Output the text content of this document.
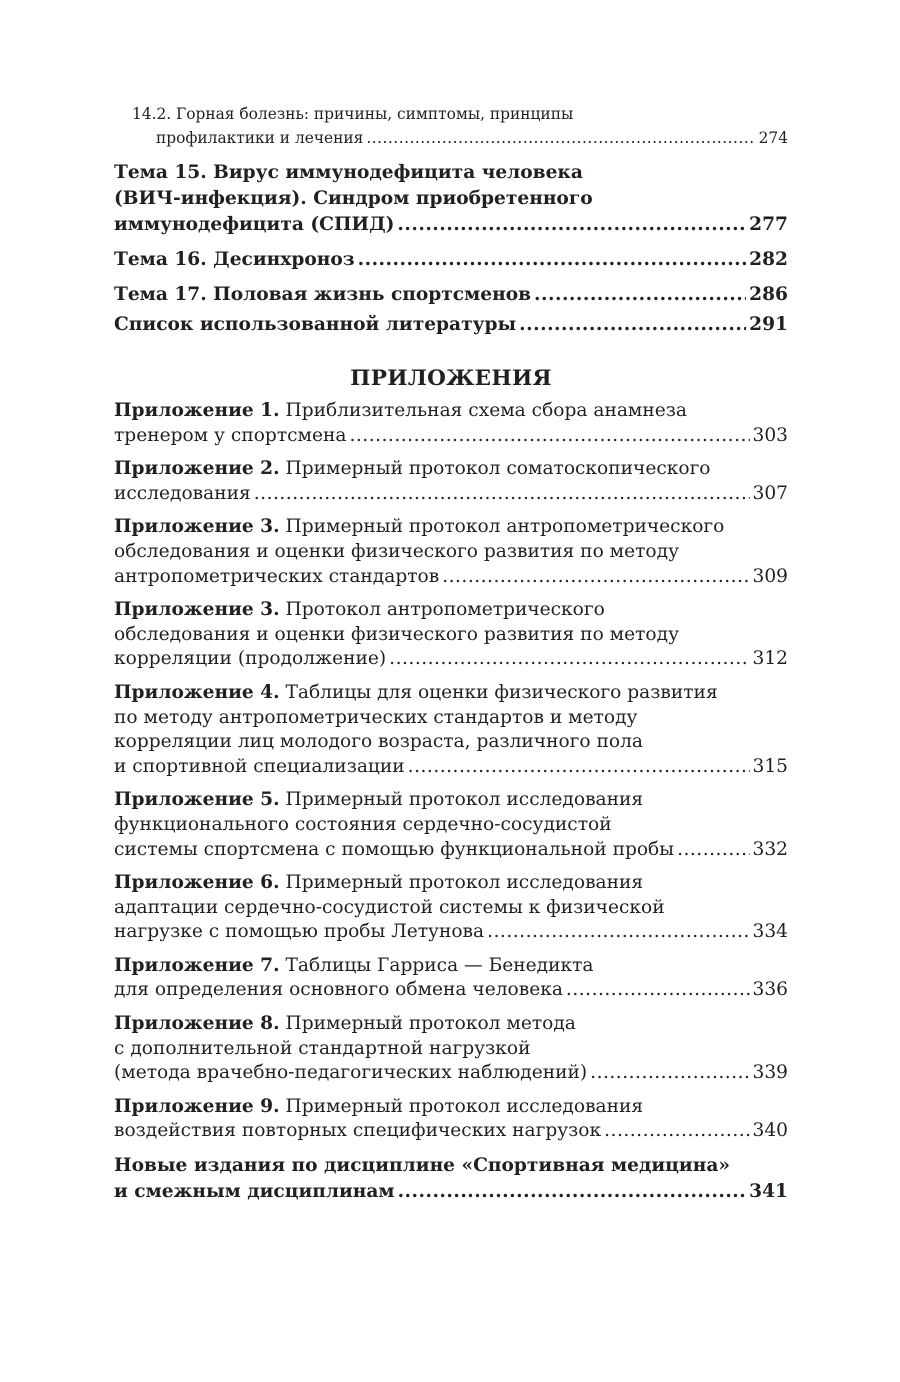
14.2. Горная болезнь: причины, симптомы, принципы
профилактики и лечения .....	274
Тема 15. Вирус иммунодефицита человека
(ВИЧ-инфекция). Синдром приобретенного
иммунодефицита (СПИД) .....	277
Тема 16. Десинхроноз .....	282
Тема 17. Половая жизнь спортсменов .....	286
Список использованной литературы .....	291
ПРИЛОЖЕНИЯ
Приложение 1. Приблизительная схема сбора анамнеза
тренером у спортсмена .....	303
Приложение 2. Примерный протокол соматоскопического
исследования .....	307
Приложение 3. Примерный протокол антропометрического
обследования и оценки физического развития по методу
антропометрических стандартов .....	309
Приложение 3. Протокол антропометрического
обследования и оценки физического развития по методу
корреляции (продолжение) .....	312
Приложение 4. Таблицы для оценки физического развития
по методу антропометрических стандартов и методу
корреляции лиц молодого возраста, различного пола
и спортивной специализации .....	315
Приложение 5. Примерный протокол исследования
функционального состояния сердечно-сосудистой
системы спортсмена с помощью функциональной пробы .....	332
Приложение 6. Примерный протокол исследования
адаптации сердечно-сосудистой системы к физической
нагрузке с помощью пробы Летунова .....	334
Приложение 7. Таблицы Гарриса — Бенедикта
для определения основного обмена человека .....	336
Приложение 8. Примерный протокол метода
с дополнительной стандартной нагрузкой
(метода врачебно-педагогических наблюдений) .....	339
Приложение 9. Примерный протокол исследования
воздействия повторных специфических нагрузок .....	340
Новые издания по дисциплине «Спортивная медицина»
и смежным дисциплинам .....	341
